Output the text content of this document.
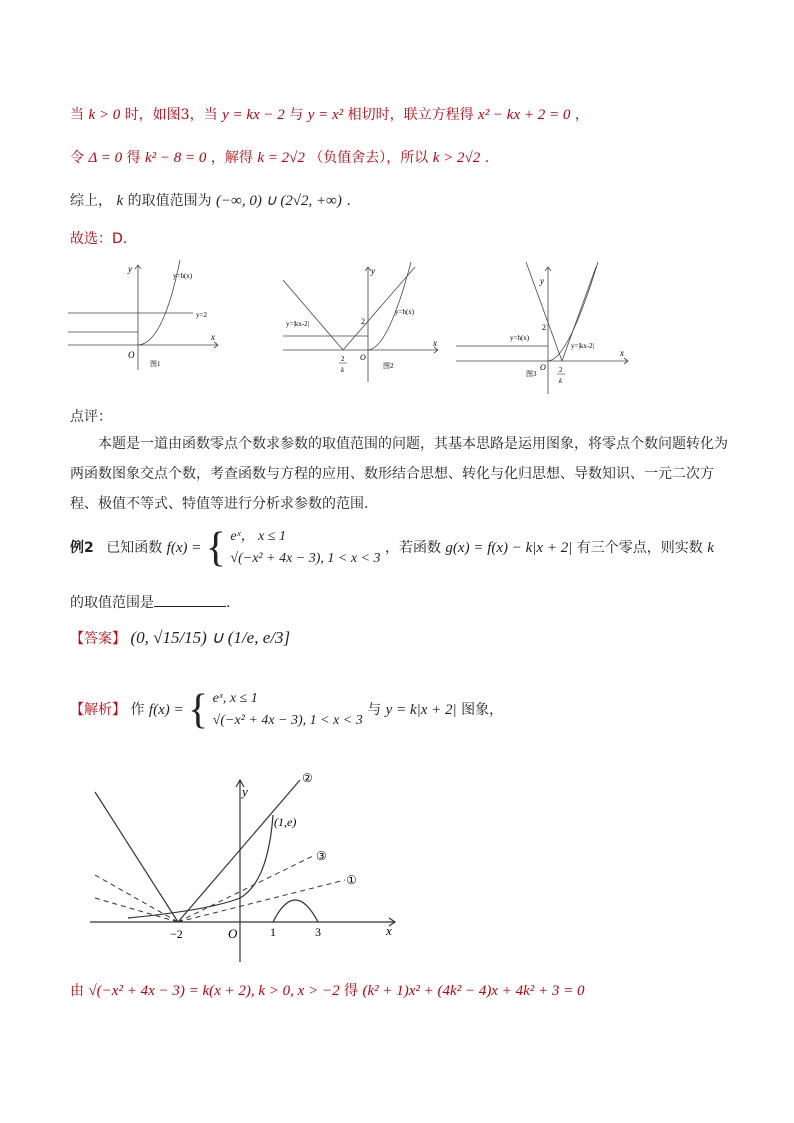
当 k > 0 时，如图3，当 y = kx − 2 与 y = x² 相切时，联立方程得 x² − kx + 2 = 0 ，
令 Δ = 0 得 k² − 8 = 0 ，解得 k = 2√2 （负值舍去），所以 k > 2√2 .
综上， k 的取值范围为 (−∞, 0) ∪ (2√2, +∞) .
故选：D.
y
x
O
y=h(x)
y=2
图1
y
x
O
2
y=|kx-2|
y=h(x)
2
k	图2
y
x
O
2
y=h(x)
y=|kx-2|
2
k
图3
点评：
本题是一道由函数零点个数求参数的取值范围的问题，其基本思路是运用图象，将零点个数问题转化为两函数图象交点个数，考查函数与方程的应用、数形结合思想、转化与化归思想、导数知识、一元二次方程、极值不等式、特值等进行分析求参数的范围.
例2 已知函数 f(x) = { eˣ， x ≤ 1
√(−x² + 4x − 3), 1 < x < 3 ，若函数 g(x) = f(x) − k|x + 2| 有三个零点，则实数 k
的取值范围是	.
【答案】 (0, √15/15) ∪ (1/e, e/3]
【解析】 作 f(x) = { eˣ, x ≤ 1
√(−x² + 4x − 3), 1 < x < 3 与 y = k|x + 2| 图象，
y
x
O
−2	1	3
(1,e)
②
③
①
由 √(−x² + 4x − 3) = k(x + 2), k > 0, x > −2 得 (k² + 1)x² + (4k² − 4)x + 4k² + 3 = 0
